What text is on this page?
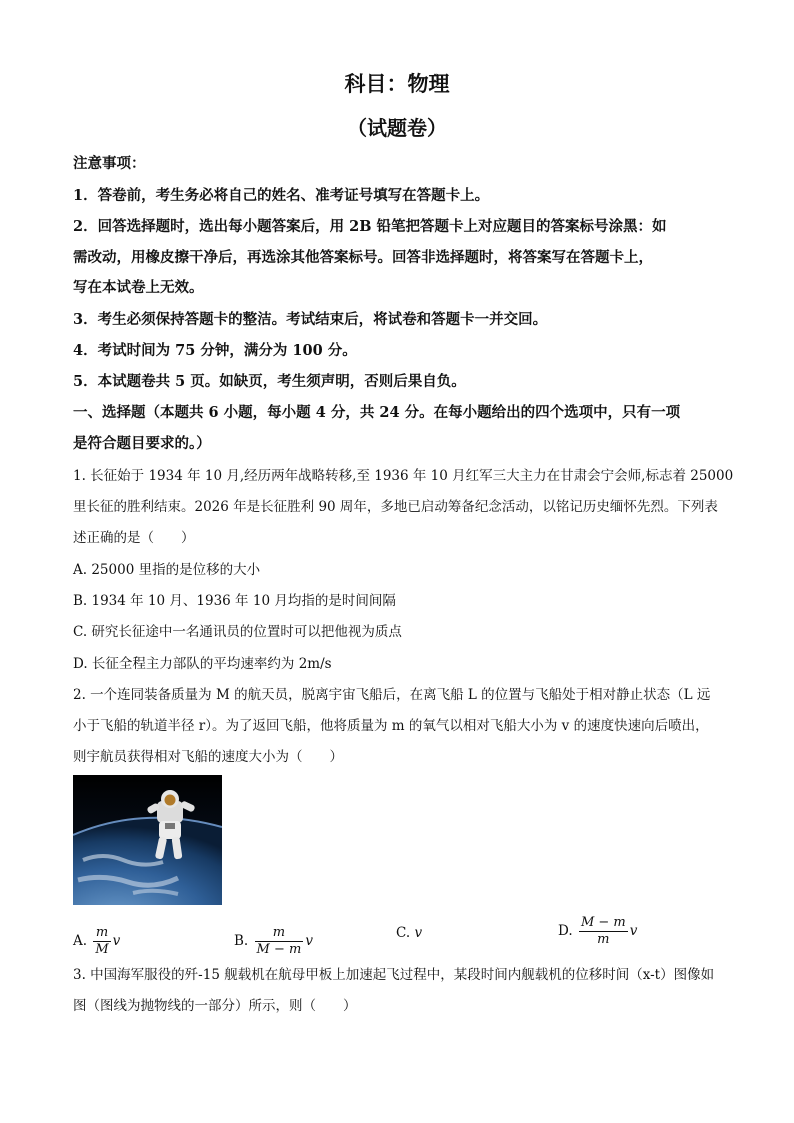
科目：物理
（试题卷）
注意事项：
1．答卷前，考生务必将自己的姓名、准考证号填写在答题卡上。
2．回答选择题时，选出每小题答案后，用 2B 铅笔把答题卡上对应题目的答案标号涂黑：如
需改动，用橡皮擦干净后，再选涂其他答案标号。回答非选择题时，将答案写在答题卡上，
写在本试卷上无效。
3．考生必须保持答题卡的整洁。考试结束后，将试卷和答题卡一并交回。
4．考试时间为 75 分钟，满分为 100 分。
5．本试题卷共 5 页。如缺页，考生须声明，否则后果自负。
一、选择题（本题共 6 小题，每小题 4 分，共 24 分。在每小题给出的四个选项中，只有一项
是符合题目要求的。）
1. 长征始于 1934 年 10 月,经历两年战略转移,至 1936 年 10 月红军三大主力在甘肃会宁会师,标志着 25000
里长征的胜利结束。2026 年是长征胜利 90 周年，多地已启动筹备纪念活动，以铭记历史缅怀先烈。下列表
述正确的是（　　）
A. 25000 里指的是位移的大小
B. 1934 年 10 月、1936 年 10 月均指的是时间间隔
C. 研究长征途中一名通讯员的位置时可以把他视为质点
D. 长征全程主力部队的平均速率约为 2m/s
2. 一个连同装备质量为 M 的航天员，脱离宇宙飞船后，在离飞船 L 的位置与飞船处于相对静止状态（L 远
小于飞船的轨道半径 r）。为了返回飞船，他将质量为 m 的氧气以相对飞船大小为 v 的速度快速向后喷出，
则宇航员获得相对飞船的速度大小为（　　）
A. $\frac{m}{M}$ v	B. $\frac{m}{M - m}$ v	C. v	D. $\frac{M - m}{m}$ v
3. 中国海军服役的歼-15 舰载机在航母甲板上加速起飞过程中，某段时间内舰载机的位移时间（x-t）图像如
图（图线为抛物线的一部分）所示，则（　　）
